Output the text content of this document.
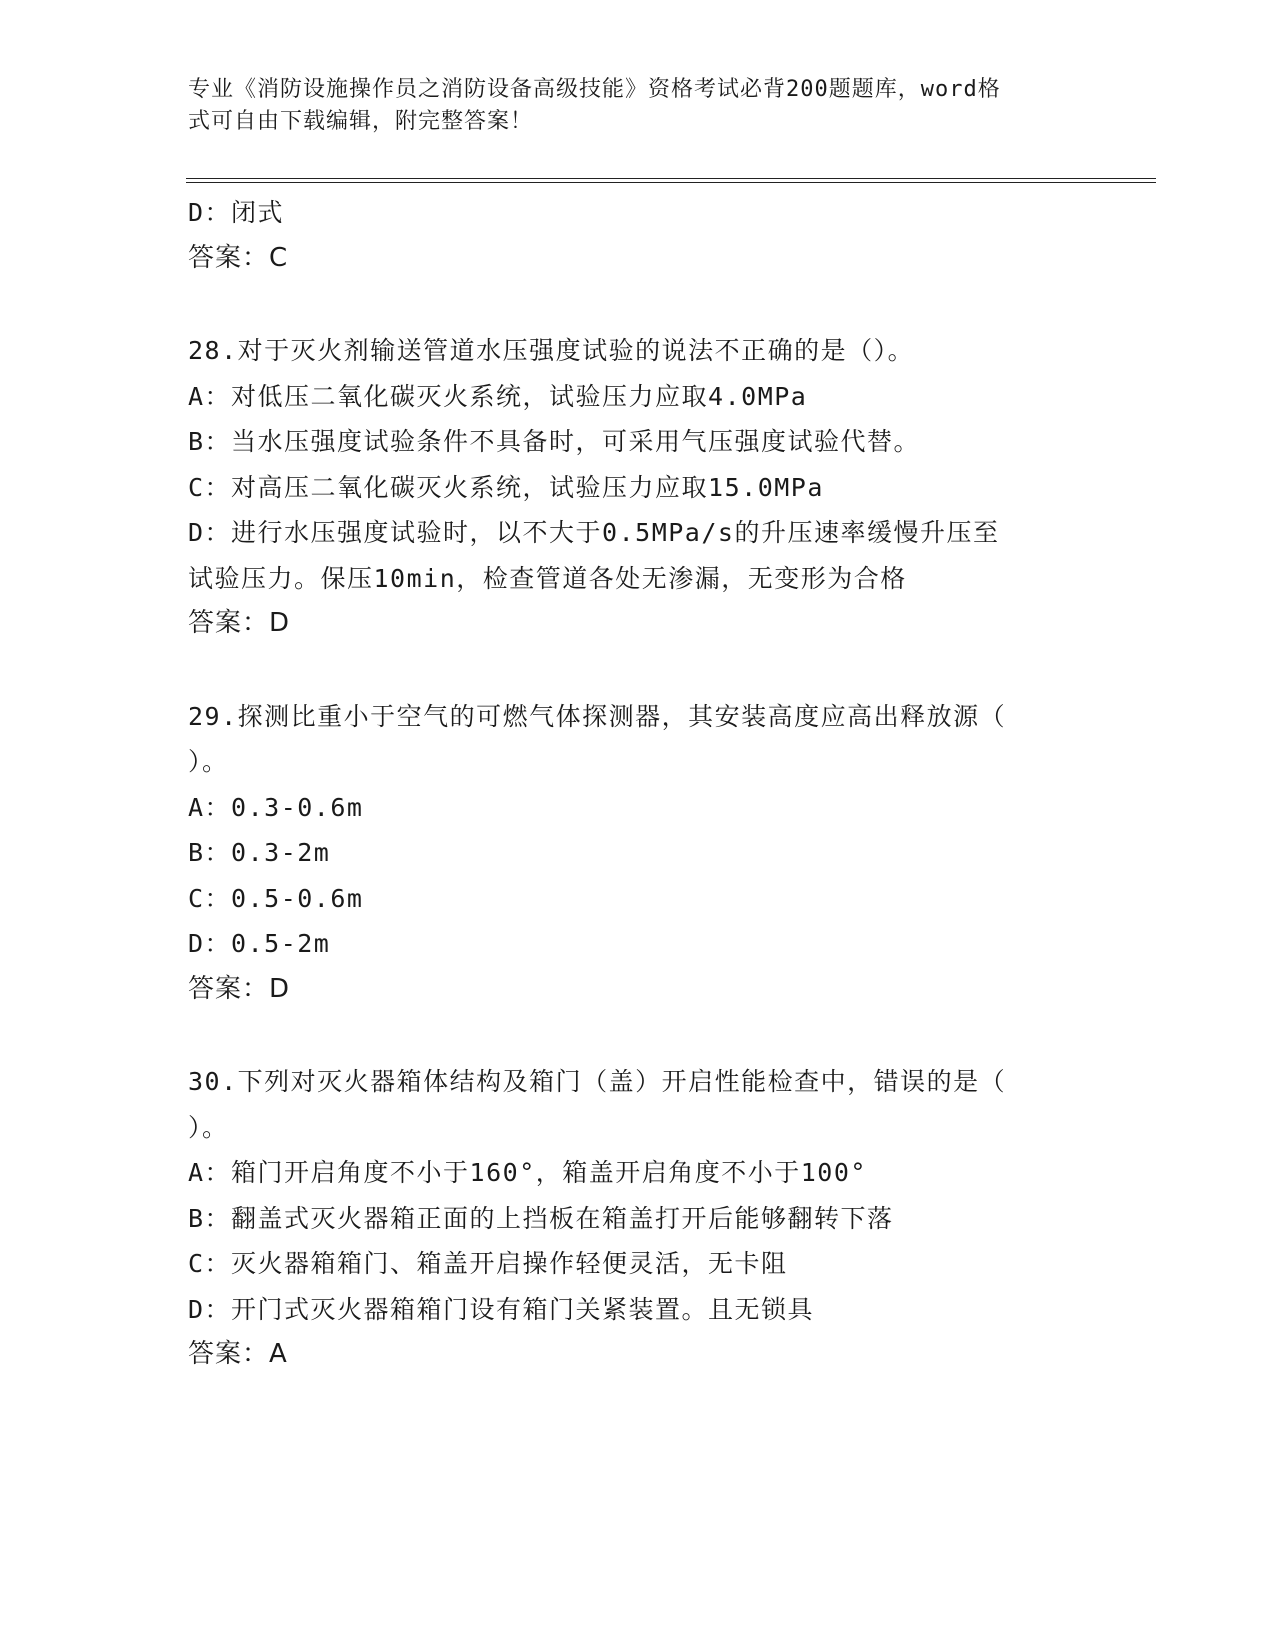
专业《消防设施操作员之消防设备高级技能》资格考试必背200题题库，word格
式可自由下载编辑，附完整答案！
D：闭式
答案：C
28.对于灭火剂输送管道水压强度试验的说法不正确的是（）。
A：对低压二氧化碳灭火系统，试验压力应取4.0MPa
B：当水压强度试验条件不具备时，可采用气压强度试验代替。
C：对高压二氧化碳灭火系统，试验压力应取15.0MPa
D：进行水压强度试验时，以不大于0.5MPa/s的升压速率缓慢升压至
试验压力。保压10min，检查管道各处无渗漏，无变形为合格
答案：D
29.探测比重小于空气的可燃气体探测器，其安装高度应高出释放源（
）。
A：0.3-0.6m
B：0.3-2m
C：0.5-0.6m
D：0.5-2m
答案：D
30.下列对灭火器箱体结构及箱门（盖）开启性能检查中，错误的是（
）。
A：箱门开启角度不小于160°，箱盖开启角度不小于100°
B：翻盖式灭火器箱正面的上挡板在箱盖打开后能够翻转下落
C：灭火器箱箱门、箱盖开启操作轻便灵活，无卡阻
D：开门式灭火器箱箱门设有箱门关紧装置。且无锁具
答案：A
